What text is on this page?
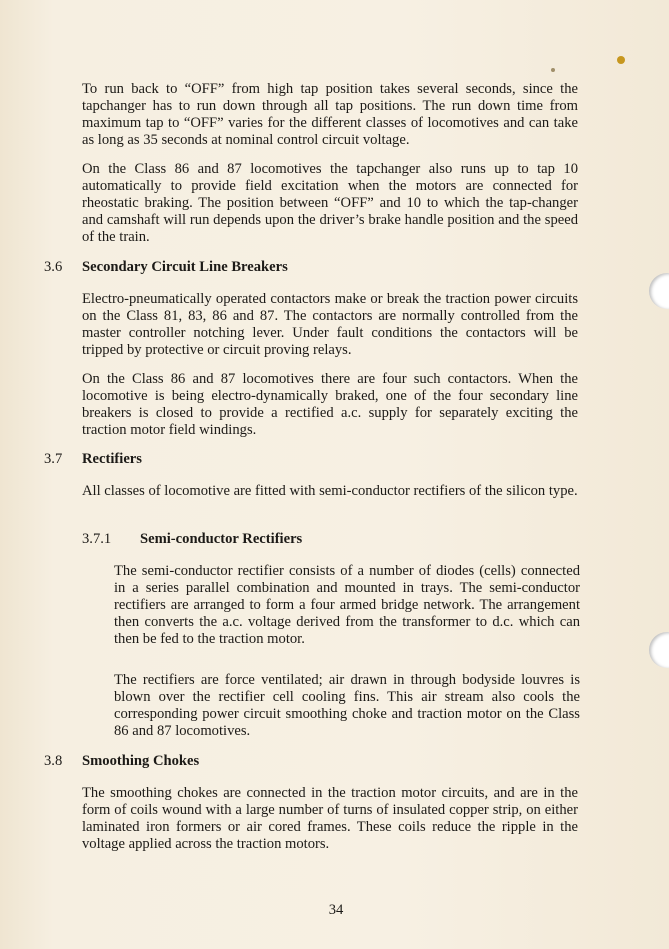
To run back to “OFF” from high tap position takes several seconds, since the tapchanger has to run down through all tap positions. The run down time from maximum tap to “OFF” varies for the different classes of locomotives and can take as long as 35 seconds at nominal control circuit voltage.

On the Class 86 and 87 locomotives the tapchanger also runs up to tap 10 automatically to provide field excitation when the motors are connected for rheostatic braking. The position between “OFF” and 10 to which the tap-changer and camshaft will run depends upon the driver’s brake handle position and the speed of the train.

3.6 Secondary Circuit Line Breakers

Electro-pneumatically operated contactors make or break the traction power circuits on the Class 81, 83, 86 and 87. The contactors are normally controlled from the master controller notching lever. Under fault conditions the contactors will be tripped by protective or circuit proving relays.

On the Class 86 and 87 locomotives there are four such contactors. When the locomotive is being electro-dynamically braked, one of the four secondary line breakers is closed to provide a rectified a.c. supply for separately exciting the traction motor field windings.

3.7 Rectifiers

All classes of locomotive are fitted with semi-conductor rectifiers of the silicon type.

3.7.1 Semi-conductor Rectifiers

The semi-conductor rectifier consists of a number of diodes (cells) connected in a series parallel combination and mounted in trays. The semi-conductor rectifiers are arranged to form a four armed bridge network. The arrangement then converts the a.c. voltage derived from the transformer to d.c. which can then be fed to the traction motor.

The rectifiers are force ventilated; air drawn in through bodyside louvres is blown over the rectifier cell cooling fins. This air stream also cools the corresponding power circuit smoothing choke and traction motor on the Class 86 and 87 locomotives.

3.8 Smoothing Chokes

The smoothing chokes are connected in the traction motor circuits, and are in the form of coils wound with a large number of turns of insulated copper strip, on either laminated iron formers or air cored frames. These coils reduce the ripple in the voltage applied across the traction motors.

34
